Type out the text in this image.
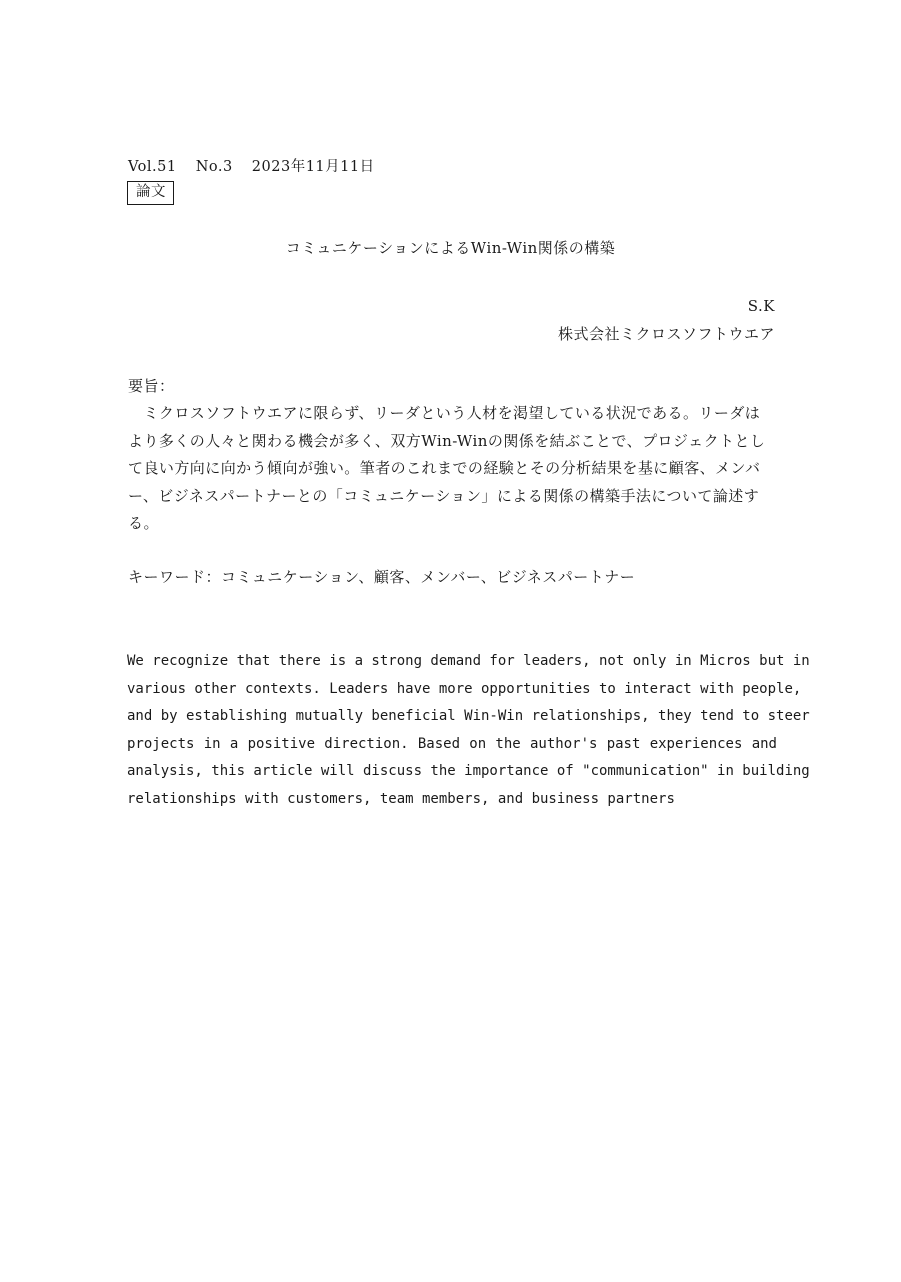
Vol.51 No.3 2023年11月11日
論文
コミュニケーションによるWin-Win関係の構築
S.K
株式会社ミクロスソフトウエア
要旨：
　ミクロスソフトウエアに限らず、リーダという人材を渇望している状況である。リーダは
より多くの人々と関わる機会が多く、双方Win-Winの関係を結ぶことで、プロジェクトとし
て良い方向に向かう傾向が強い。筆者のこれまでの経験とその分析結果を基に顧客、メンバ
ー、ビジネスパートナーとの「コミュニケーション」による関係の構築手法について論述す
る。
キーワード：コミュニケーション、顧客、メンバー、ビジネスパートナー
We recognize that there is a strong demand for leaders, not only in Micros but in
various other contexts. Leaders have more opportunities to interact with people,
and by establishing mutually beneficial Win-Win relationships, they tend to steer
projects in a positive direction. Based on the author's past experiences and
analysis, this article will discuss the importance of "communication" in building
relationships with customers, team members, and business partners
